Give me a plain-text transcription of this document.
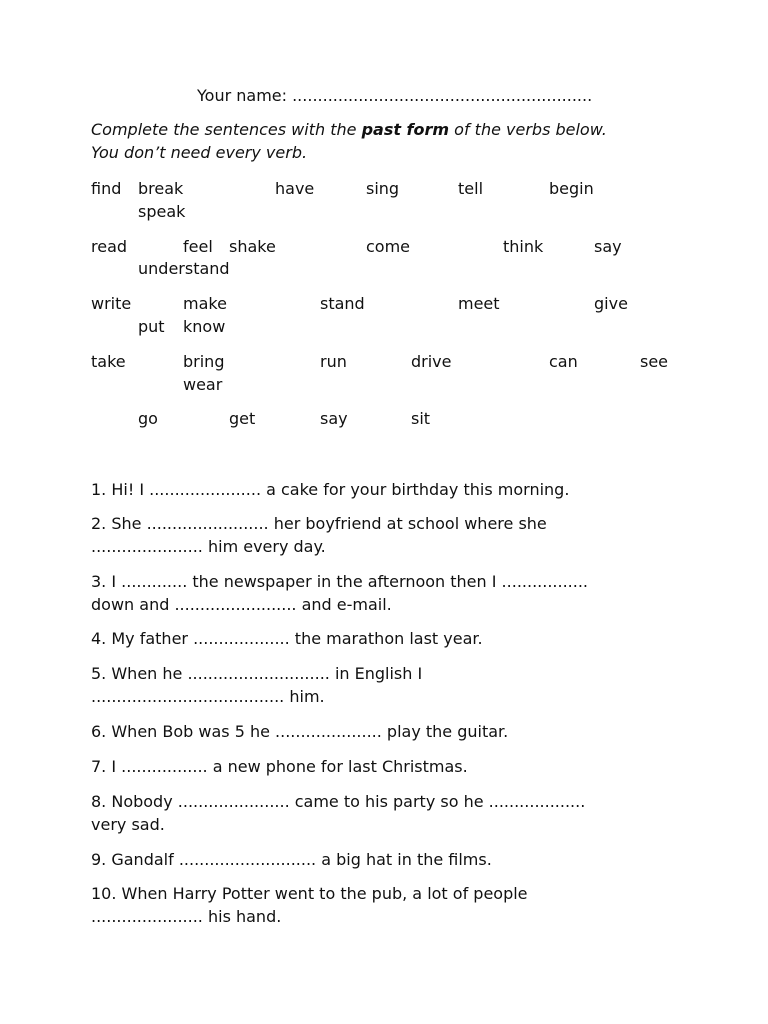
Your name: ...........................................................
Complete the sentences with the past form of the verbs below.
You don’t need every verb.
find break	have	sing	tell	begin
speak
read	feel shake	come	think	say
understand
write	make	stand	meet	give
put know
take	bring	run	drive	can	see
wear
go	get	say	sit
1. Hi! I ...................... a cake for your birthday this morning.
2. She ........................ her boyfriend at school where she
...................... him every day.
3. I ............. the newspaper in the afternoon then I .................
down and ........................ and e-mail.
4. My father ................... the marathon last year.
5. When he ............................ in English I
...................................... him.
6. When Bob was 5 he ..................... play the guitar.
7. I ................. a new phone for last Christmas.
8. Nobody ...................... came to his party so he ...................
very sad.
9. Gandalf ........................... a big hat in the films.
10. When Harry Potter went to the pub, a lot of people
...................... his hand.
